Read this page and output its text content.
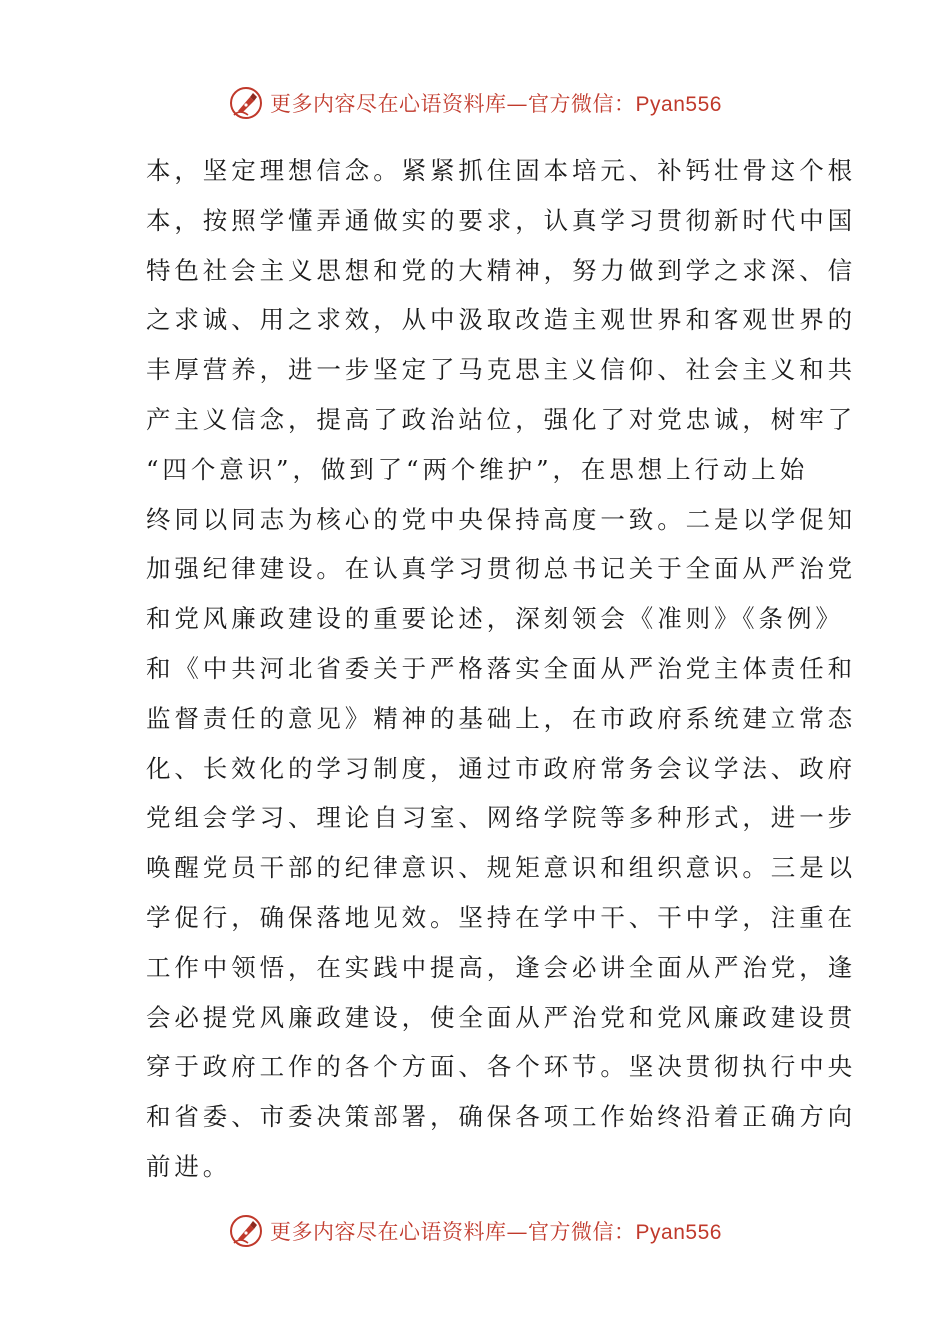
更多内容尽在心语资料库—官方微信：Pyan556
本，坚定理想信念。紧紧抓住固本培元、补钙壮骨这个根
本，按照学懂弄通做实的要求，认真学习贯彻新时代中国
特色社会主义思想和党的大精神，努力做到学之求深、信
之求诚、用之求效，从中汲取改造主观世界和客观世界的
丰厚营养，进一步坚定了马克思主义信仰、社会主义和共
产主义信念，提高了政治站位，强化了对党忠诚，树牢了
“四个意识”，做到了“两个维护”，在思想上行动上始
终同以同志为核心的党中央保持高度一致。二是以学促知
加强纪律建设。在认真学习贯彻总书记关于全面从严治党
和党风廉政建设的重要论述，深刻领会《准则》《条例》
和《中共河北省委关于严格落实全面从严治党主体责任和
监督责任的意见》精神的基础上，在市政府系统建立常态
化、长效化的学习制度，通过市政府常务会议学法、政府
党组会学习、理论自习室、网络学院等多种形式，进一步
唤醒党员干部的纪律意识、规矩意识和组织意识。三是以
学促行，确保落地见效。坚持在学中干、干中学，注重在
工作中领悟，在实践中提高，逢会必讲全面从严治党，逢
会必提党风廉政建设，使全面从严治党和党风廉政建设贯
穿于政府工作的各个方面、各个环节。坚决贯彻执行中央
和省委、市委决策部署，确保各项工作始终沿着正确方向
前进。
更多内容尽在心语资料库—官方微信：Pyan556
